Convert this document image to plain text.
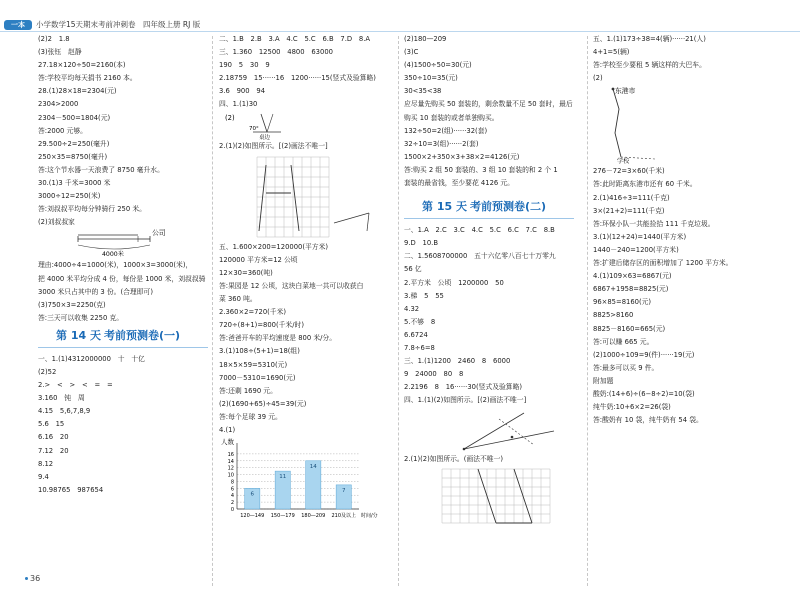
一本	小学数学15天期末考前冲刺卷　四年级上册 RJ 版
(2)2　1.8
(3)张钰　赵静
27.18×120÷50=2160(本)
答:学校平均每天捐书 2160 本。
28.(1)28×18=2304(元)
2304>2000
2304－500=1804(元)
答:2000 元够。
29.500÷2=250(毫升)
250×35=8750(毫升)
答:这个节水器一天浪费了 8750 毫升水。
30.(1)3 千米=3000 米
3000÷12=250(米)
答:刘叔叔平均每分钟骑行 250 米。
(2)刘叔叔家
公司
4000米
理由:4000÷4=1000(米)，1000×3=3000(米)，
把 4000 米平均分成 4 份，每份是 1000 米，刘叔叔骑
3000 米只占其中的 3 份。(合理即可)
(3)750×3=2250(克)
答:三天可以收集 2250 克。
第 14 天 考前预测卷(一)
一、1.(1)4312000000　十　十亿
(2)52
2.>　<　>　<　=　=
3.160　钝　周
4.15　5,6,7,8,9
5.6　15
6.16　20
7.12　20
8.12
9.4
10.98765　987654
二、1.B　2.B　3.A　4.C　5.C　6.B　7.D　8.A
三、1.360　12500　4800　63000
190　5　30　9
2.18759　15······16　1200······15(竖式及验算略)
3.6　900　94
四、1.(1)30
(2)
70°
桌边
2.(1)(2)如图所示。[(2)画法不唯一]
五、1.600×200=120000(平方米)
120000 平方米=12 公顷
12×30=360(吨)
答:果园是 12 公顷，这块白菜地一共可以收获白
菜 360 吨。
2.360×2=720(千米)
720÷(8+1)=800(千米/时)
答:爸爸开车的平均速度是 800 米/分。
3.(1)108÷(5+1)=18(组)
18×5×59=5310(元)
7000－5310=1690(元)
答:还剩 1690 元。
(2)(1690+65)÷45=39(元)
答:每个足球 39 元。
4.(1)
人数
16
14
12
10
8
6
4
2
0
6
120—149
11
150—179
14
180—209
7
210及以上 时间/分
(2)180—209
(3)C
(4)1500÷50=30(元)
350÷10=35(元)
30<35<38
应尽量先购买 50 套装的，剩余数量不足 50 套时，最后
购买 10 套装的或者单独购买。
132÷50=2(组)······32(套)
32÷10=3(组)······2(套)
1500×2+350×3+38×2=4126(元)
答:购买 2 组 50 套装的、3 组 10 套装的和 2 个 1
套装的最省钱，至少要花 4126 元。
第 15 天 考前预测卷(二)
一、1.A　2.C　3.C　4.C　5.C　6.C　7.C　8.B
9.D　10.B
二、1.5608700000　五十六亿零八百七十万零九
56 亿
2.平方米　公顷　1200000　50
3.梯　5　55
4.32
5.不够　8
6.6724
7.8÷6=8
三、1.(1)1200　2460　8　6000
9　24000　80　8
2.2196　8　16······30(竖式及验算略)
四、1.(1)(2)如图所示。[(2)画法不唯一]
2.(1)(2)如图所示。(画法不唯一)
五、1.(1)173÷38=4(辆)······21(人)
4+1=5(辆)
答:学校至少要租 5 辆这样的大巴车。
(2)
东港市
学校
276－72=3×60(千米)
答:此时距离东港市还有 60 千米。
2.(1)416÷3=111(千克)
3×(21+2)=111(千克)
答:环保小队一共能捡拾 111 千克垃圾。
3.(1)(12+24)=1440(平方米)
1440－240=1200(平方米)
答:扩建后储存区的面积增加了 1200 平方米。
4.(1)109×63=6867(元)
6867+1958=8825(元)
96×85=8160(元)
8825>8160
8825－8160=665(元)
答:可以赚 665 元。
(2)1000÷109=9(件)······19(元)
答:最多可以买 9 件。
附加题
酸奶:(14+6)÷(6−8÷2)=10(袋)
纯牛奶:10+6×2=26(袋)
答:酸奶有 10 袋，纯牛奶有 54 袋。
36
